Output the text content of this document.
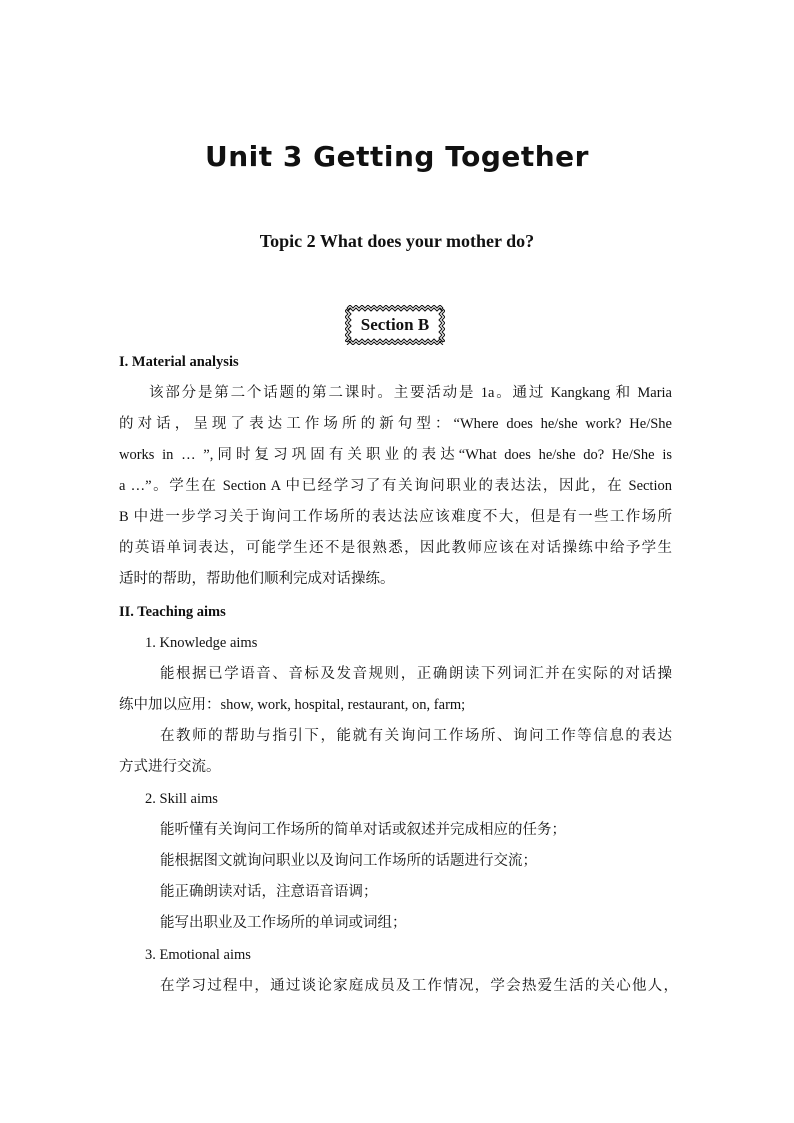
Unit 3 Getting Together
Topic 2 What does your mother do?
Section B
I. Material analysis
该部分是第二个话题的第二课时。主要活动是 1a。通过 Kangkang 和 Maria
的对话，呈现了表达工作场所的新句型：“Where does he/she work? He/She
works in … ”,同时复习巩固有关职业的表达“What does he/she do? He/She is
a …”。学生在 Section A 中已经学习了有关询问职业的表达法，因此，在 Section
B 中进一步学习关于询问工作场所的表达法应该难度不大，但是有一些工作场所
的英语单词表达，可能学生还不是很熟悉，因此教师应该在对话操练中给予学生
适时的帮助，帮助他们顺利完成对话操练。
II. Teaching aims
1. Knowledge aims
能根据已学语音、音标及发音规则，正确朗读下列词汇并在实际的对话操
练中加以应用：show, work, hospital, restaurant, on, farm;
在教师的帮助与指引下，能就有关询问工作场所、询问工作等信息的表达
方式进行交流。
2. Skill aims
能听懂有关询问工作场所的简单对话或叙述并完成相应的任务；
能根据图文就询问职业以及询问工作场所的话题进行交流；
能正确朗读对话，注意语音语调；
能写出职业及工作场所的单词或词组；
3. Emotional aims
在学习过程中，通过谈论家庭成员及工作情况，学会热爱生活的关心他人，
